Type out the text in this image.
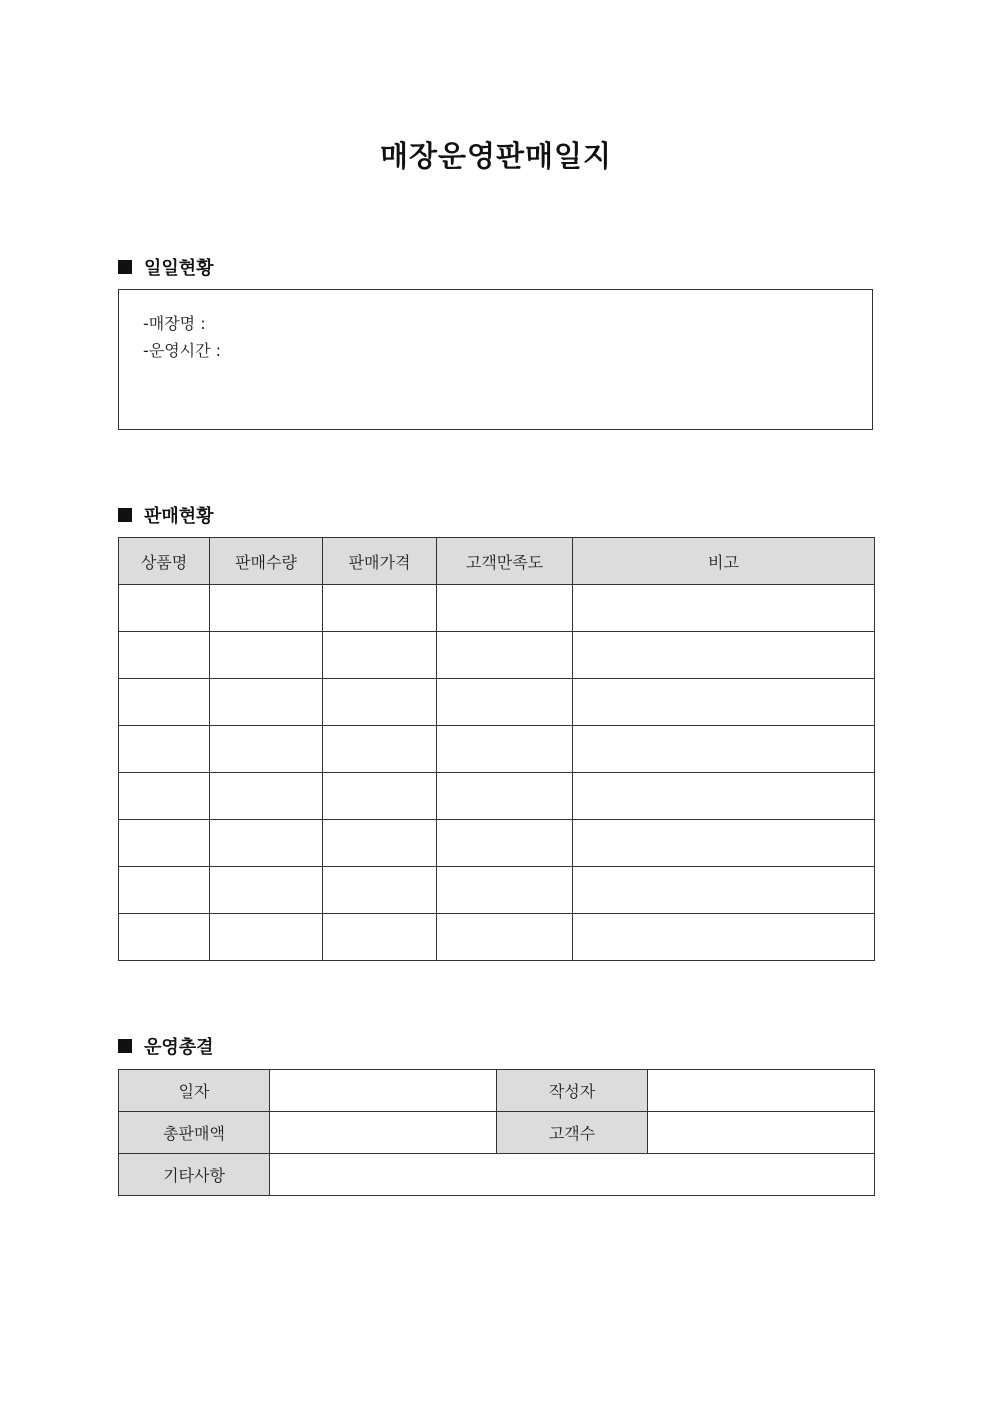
매장운영판매일지
일일현황
-매장명 :
-운영시간 :
판매현황
상품명	판매수량	판매가격	고객만족도	비고

운영총결
일자		작성자	
총판매액		고객수	
기타사항			
